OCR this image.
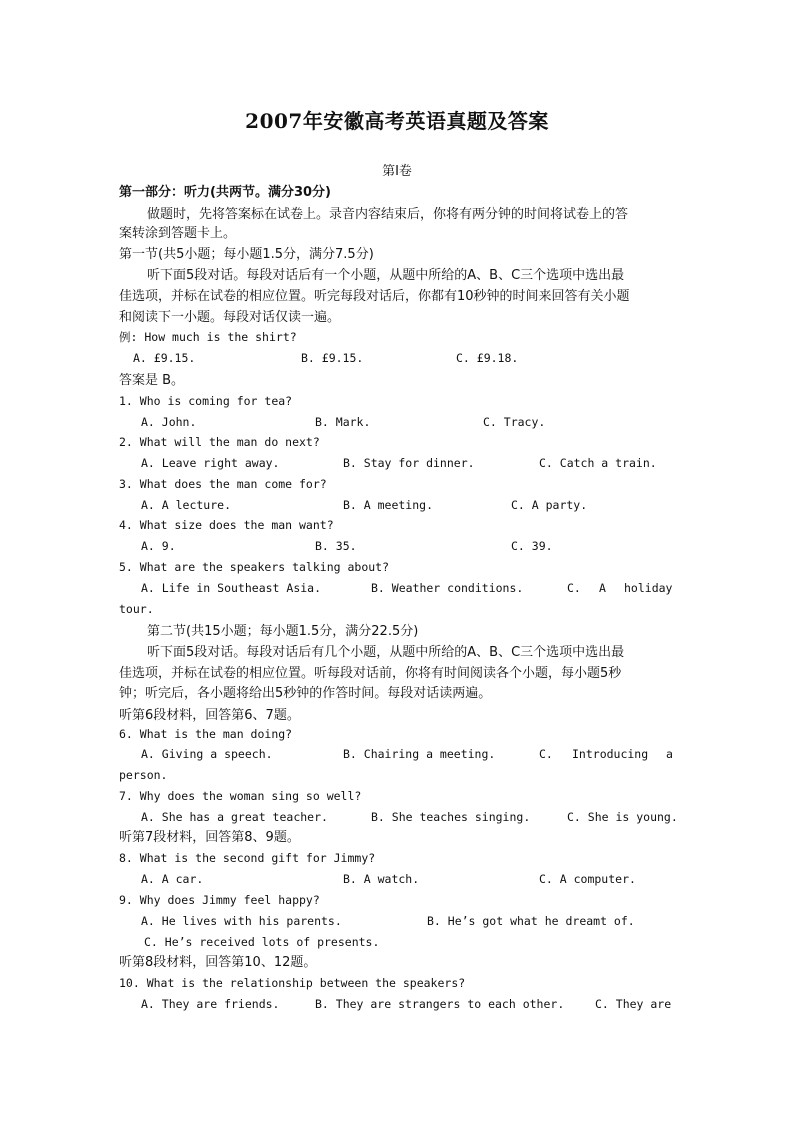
2007年安徽高考英语真题及答案
第I卷
第一部分：听力(共两节。满分30分)
做题时，先将答案标在试卷上。录音内容结束后，你将有两分钟的时间将试卷上的答
案转涂到答题卡上。
第一节(共5小题；每小题1.5分，满分7.5分)
听下面5段对话。每段对话后有一个小题，从题中所给的A、B、C三个选项中选出最
佳选项，并标在试卷的相应位置。听完每段对话后，你都有10秒钟的时间来回答有关小题
和阅读下一小题。每段对话仅读一遍。
例: How much is the shirt?
A. £9.15.	B. £9.15.	C. £9.18.
答案是 B。
1. Who is coming for tea?
A. John.	B. Mark.	C. Tracy.
2. What will the man do next?
A. Leave right away.	B. Stay for dinner.	C. Catch a train.
3. What does the man come for?
A. A lecture.	B. A meeting.	C. A party.
4. What size does the man want?
A. 9.	B. 35.	C. 39.
5. What are the speakers talking about?
A. Life in Southeast Asia.	B. Weather conditions.	C. A holiday
tour.
第二节(共15小题；每小题1.5分，满分22.5分)
听下面5段对话。每段对话后有几个小题，从题中所给的A、B、C三个选项中选出最
佳选项，并标在试卷的相应位置。听每段对话前，你将有时间阅读各个小题，每小题5秒
钟；听完后，各小题将给出5秒钟的作答时间。每段对话读两遍。
听第6段材料，回答第6、7题。
6. What is the man doing?
A. Giving a speech.	B. Chairing a meeting.	C. Introducing a
person.
7. Why does the woman sing so well?
A. She has a great teacher.	B. She teaches singing.	C. She is young.
听第7段材料，回答第8、9题。
8. What is the second gift for Jimmy?
A. A car.	B. A watch.	C. A computer.
9. Why does Jimmy feel happy?
A. He lives with his parents.	B. He’s got what he dreamt of.
C. He’s received lots of presents.
听第8段材料，回答第10、12题。
10. What is the relationship between the speakers?
A. They are friends.	B. They are strangers to each other.	C. They are
